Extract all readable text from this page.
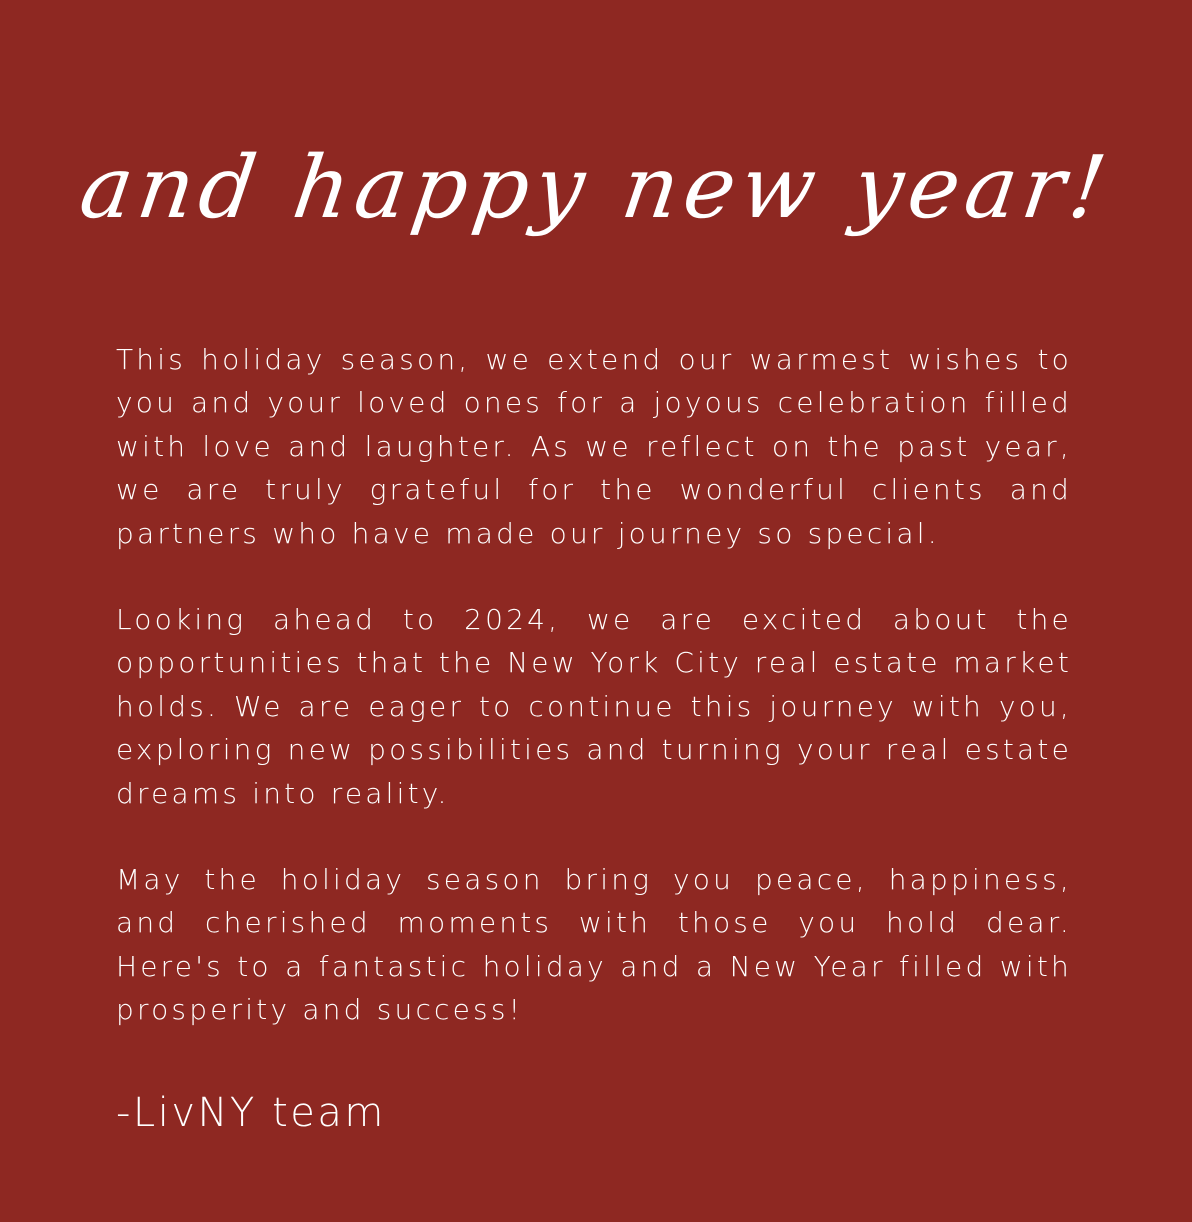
and happy new year!

This holiday season, we extend our warmest wishes to you and your loved ones for a joyous celebration filled with love and laughter. As we reflect on the past year, we are truly grateful for the wonderful clients and partners who have made our journey so special.

Looking ahead to 2024, we are excited about the opportunities that the New York City real estate market holds. We are eager to continue this journey with you, exploring new possibilities and turning your real estate dreams into reality.

May the holiday season bring you peace, happiness, and cherished moments with those you hold dear. Here's to a fantastic holiday and a New Year filled with prosperity and success!

-LivNY team
